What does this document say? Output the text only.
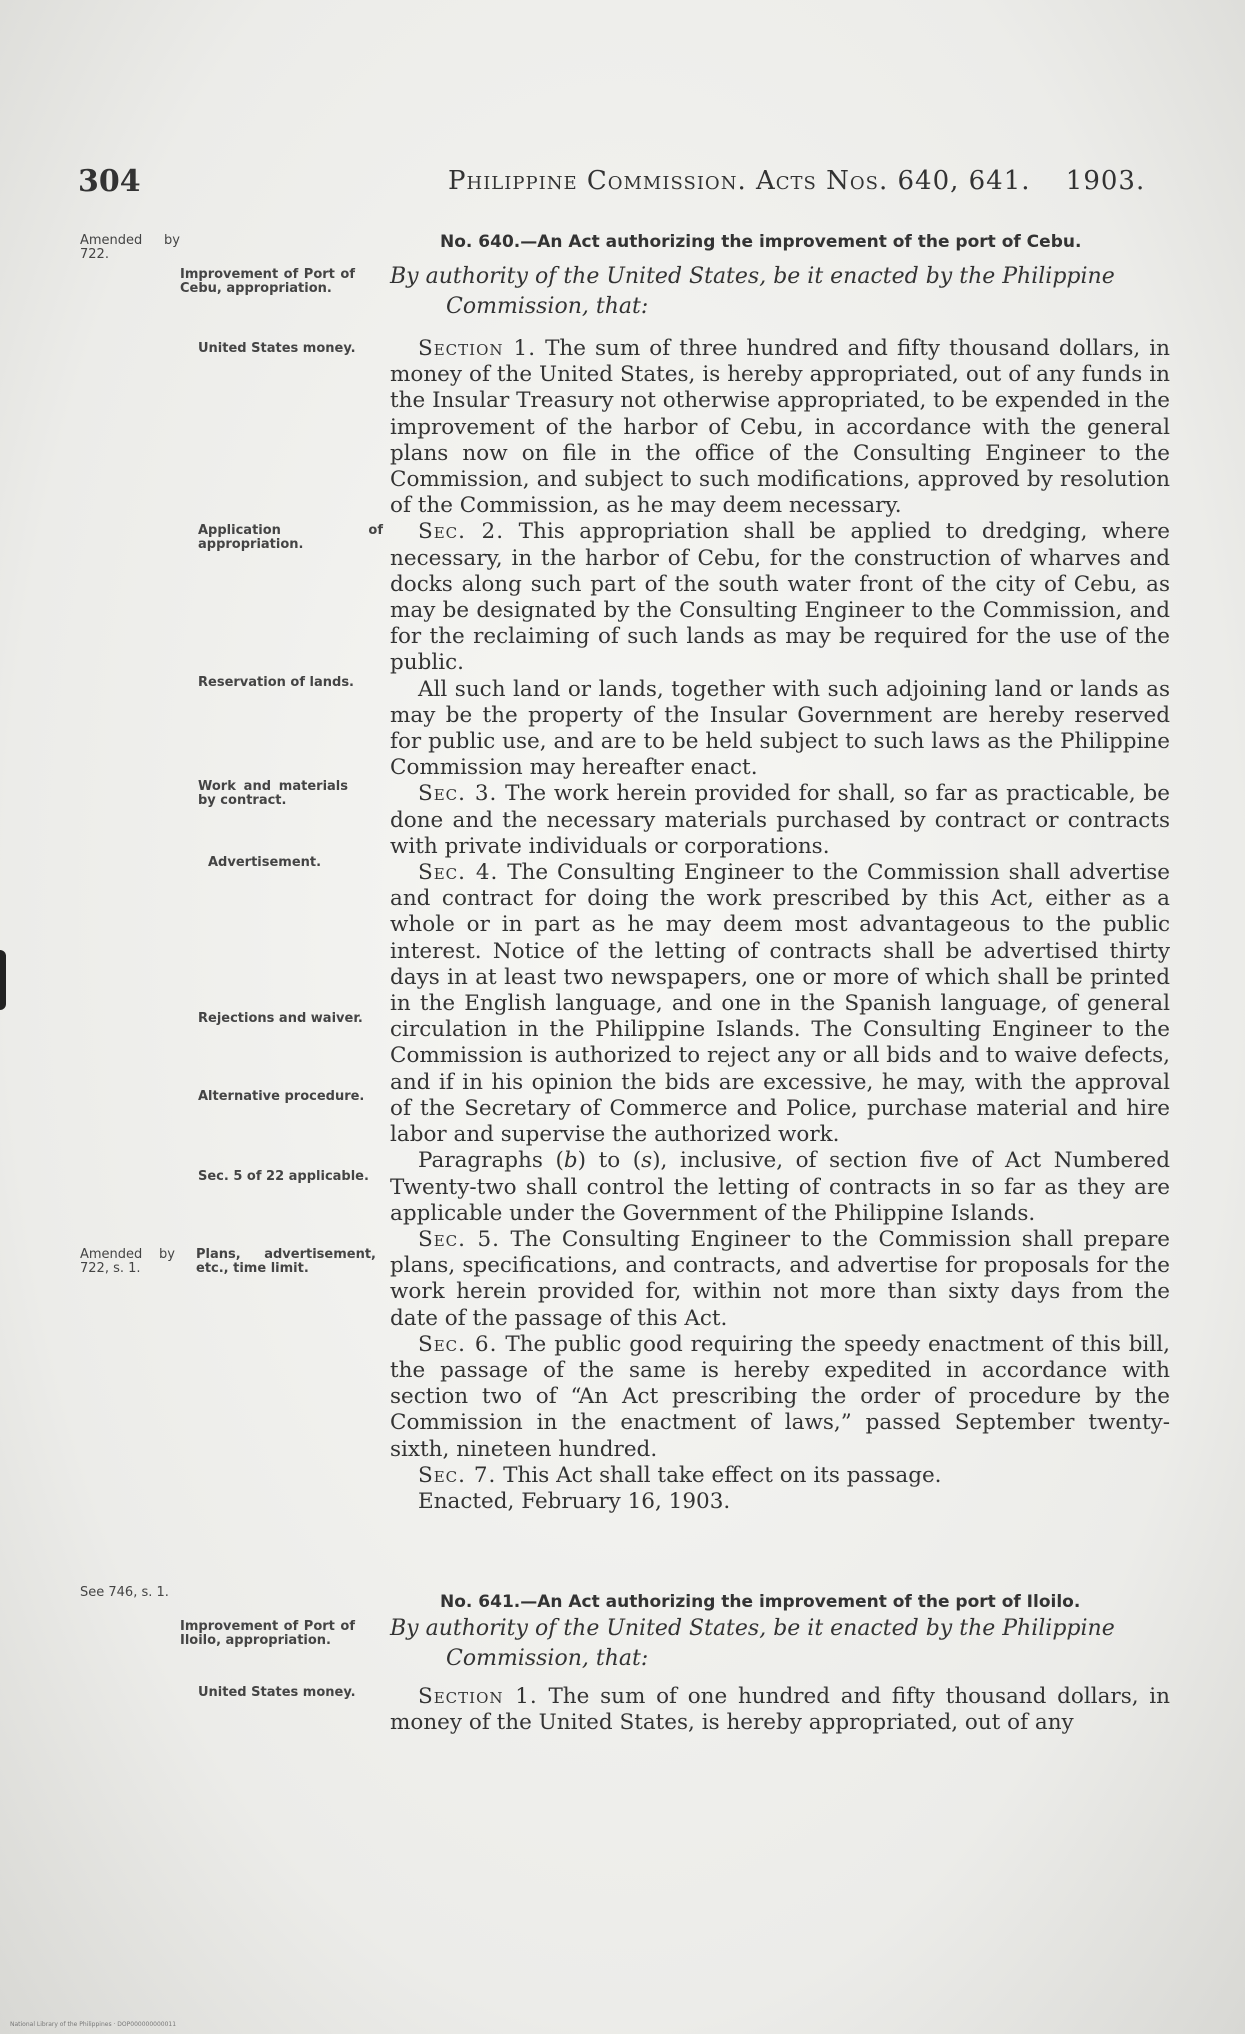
304	Philippine Commission. Acts Nos. 640, 641. 1903.
Amended by 722.
No. 640.—An Act authorizing the improvement of the port of Cebu.
Improvement of Port of Cebu, appropriation.	By authority of the United States, be it enacted by the Philippine
Commission, that:
United States money.
Application of appropriation.
Reservation of lands.
Work and materials by contract.
Advertisement.
Rejections and waiver.
Alternative procedure.
Sec. 5 of 22 applicable.
Amended by 722, s. 1.
Plans, advertisement, etc., time limit.

Section 1. The sum of three hundred and fifty thousand dollars, in money of the United States, is hereby appropriated, out of any funds in the Insular Treasury not otherwise appropriated, to be expended in the improvement of the harbor of Cebu, in accordance with the general plans now on file in the office of the Consulting Engineer to the Commission, and subject to such modifications, approved by resolution of the Commission, as he may deem necessary.

Sec. 2. This appropriation shall be applied to dredging, where necessary, in the harbor of Cebu, for the construction of wharves and docks along such part of the south water front of the city of Cebu, as may be designated by the Consulting Engineer to the Commission, and for the reclaiming of such lands as may be required for the use of the public.

All such land or lands, together with such adjoining land or lands as may be the property of the Insular Government are hereby reserved for public use, and are to be held subject to such laws as the Philippine Commission may hereafter enact.

Sec. 3. The work herein provided for shall, so far as practicable, be done and the necessary materials purchased by contract or contracts with private individuals or corporations.

Sec. 4. The Consulting Engineer to the Commission shall advertise and contract for doing the work prescribed by this Act, either as a whole or in part as he may deem most advantageous to the public interest. Notice of the letting of contracts shall be advertised thirty days in at least two newspapers, one or more of which shall be printed in the English language, and one in the Spanish language, of general circulation in the Philippine Islands. The Consulting Engineer to the Commission is authorized to reject any or all bids and to waive defects, and if in his opinion the bids are excessive, he may, with the approval of the Secretary of Commerce and Police, purchase material and hire labor and supervise the authorized work.

Paragraphs (b) to (s), inclusive, of section five of Act Numbered Twenty-two shall control the letting of contracts in so far as they are applicable under the Government of the Philippine Islands.

Sec. 5. The Consulting Engineer to the Commission shall prepare plans, specifications, and contracts, and advertise for proposals for the work herein provided for, within not more than sixty days from the date of the passage of this Act.

Sec. 6. The public good requiring the speedy enactment of this bill, the passage of the same is hereby expedited in accordance with section two of “An Act prescribing the order of procedure by the Commission in the enactment of laws,” passed September twenty-sixth, nineteen hundred.

Sec. 7. This Act shall take effect on its passage.

Enacted, February 16, 1903.

See 746, s. 1.	No. 641.—An Act authorizing the improvement of the port of Iloilo.
Improvement of Port of Iloilo, appropriation.	By authority of the United States, be it enacted by the Philippine
Commission, that:
United States money.	Section 1. The sum of one hundred and fifty thousand dollars, in money of the United States, is hereby appropriated, out of any

National Library of the Philippines · DOP000000000011
